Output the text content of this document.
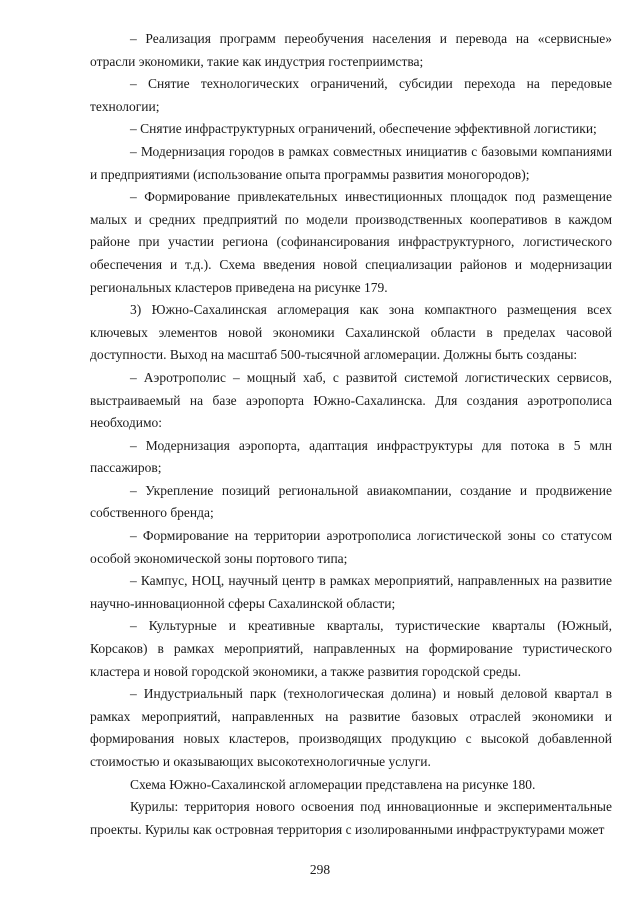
– Реализация программ переобучения населения и перевода на «сервисные» отрасли экономики, такие как индустрия гостеприимства;

– Снятие технологических ограничений, субсидии перехода на передовые технологии;

– Снятие инфраструктурных ограничений, обеспечение эффективной логистики;

– Модернизация городов в рамках совместных инициатив с базовыми компаниями и предприятиями (использование опыта программы развития моногородов);

– Формирование привлекательных инвестиционных площадок под размещение малых и средних предприятий по модели производственных кооперативов в каждом районе при участии региона (софинансирования инфраструктурного, логистического обеспечения и т.д.). Схема введения новой специализации районов и модернизации региональных кластеров приведена на рисунке 179.

3) Южно-Сахалинская агломерация как зона компактного размещения всех ключевых элементов новой экономики Сахалинской области в пределах часовой доступности. Выход на масштаб 500-тысячной агломерации. Должны быть созданы:

– Аэротрополис – мощный хаб, с развитой системой логистических сервисов, выстраиваемый на базе аэропорта Южно-Сахалинска. Для создания аэротрополиса необходимо:

– Модернизация аэропорта, адаптация инфраструктуры для потока в 5 млн пассажиров;

– Укрепление позиций региональной авиакомпании, создание и продвижение собственного бренда;

– Формирование на территории аэротрополиса логистической зоны со статусом особой экономической зоны портового типа;

– Кампус, НОЦ, научный центр в рамках мероприятий, направленных на развитие научно-инновационной сферы Сахалинской области;

– Культурные и креативные кварталы, туристические кварталы (Южный, Корсаков) в рамках мероприятий, направленных на формирование туристического кластера и новой городской экономики, а также развития городской среды.

– Индустриальный парк (технологическая долина) и новый деловой квартал в рамках мероприятий, направленных на развитие базовых отраслей экономики и формирования новых кластеров, производящих продукцию с высокой добавленной стоимостью и оказывающих высокотехнологичные услуги.

Схема Южно-Сахалинской агломерации представлена на рисунке 180.

Курилы: территория нового освоения под инновационные и экспериментальные проекты. Курилы как островная территория с изолированными инфраструктурами может

298
